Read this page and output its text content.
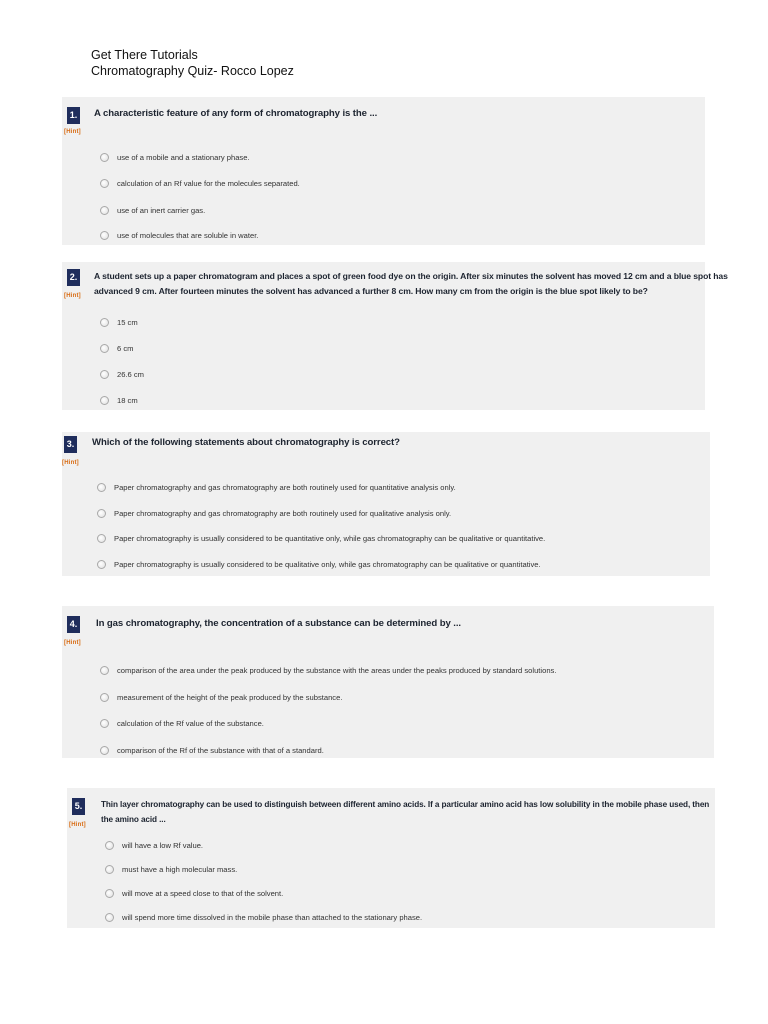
Get There Tutorials
Chromatography Quiz- Rocco Lopez
1.
[Hint]
A characteristic feature of any form of chromatography is the ...
use of a mobile and a stationary phase.
calculation of an Rf value for the molecules separated.
use of an inert carrier gas.
use of molecules that are soluble in water.
2.
[Hint]
A student sets up a paper chromatogram and places a spot of green food dye on the origin. After six minutes the solvent has moved 12 cm and a blue spot has
advanced 9 cm. After fourteen minutes the solvent has advanced a further 8 cm. How many cm from the origin is the blue spot likely to be?
15 cm
6 cm
26.6 cm
18 cm
3.
[Hint]
Which of the following statements about chromatography is correct?
Paper chromatography and gas chromatography are both routinely used for quantitative analysis only.
Paper chromatography and gas chromatography are both routinely used for qualitative analysis only.
Paper chromatography is usually considered to be quantitative only, while gas chromatography can be qualitative or quantitative.
Paper chromatography is usually considered to be qualitative only, while gas chromatography can be qualitative or quantitative.
4.
[Hint]
In gas chromatography, the concentration of a substance can be determined by ...
comparison of the area under the peak produced by the substance with the areas under the peaks produced by standard solutions.
measurement of the height of the peak produced by the substance.
calculation of the Rf value of the substance.
comparison of the Rf of the substance with that of a standard.
5.
[Hint]
Thin layer chromatography can be used to distinguish between different amino acids. If a particular amino acid has low solubility in the mobile phase used, then
the amino acid ...
will have a low Rf value.
must have a high molecular mass.
will move at a speed close to that of the solvent.
will spend more time dissolved in the mobile phase than attached to the stationary phase.
